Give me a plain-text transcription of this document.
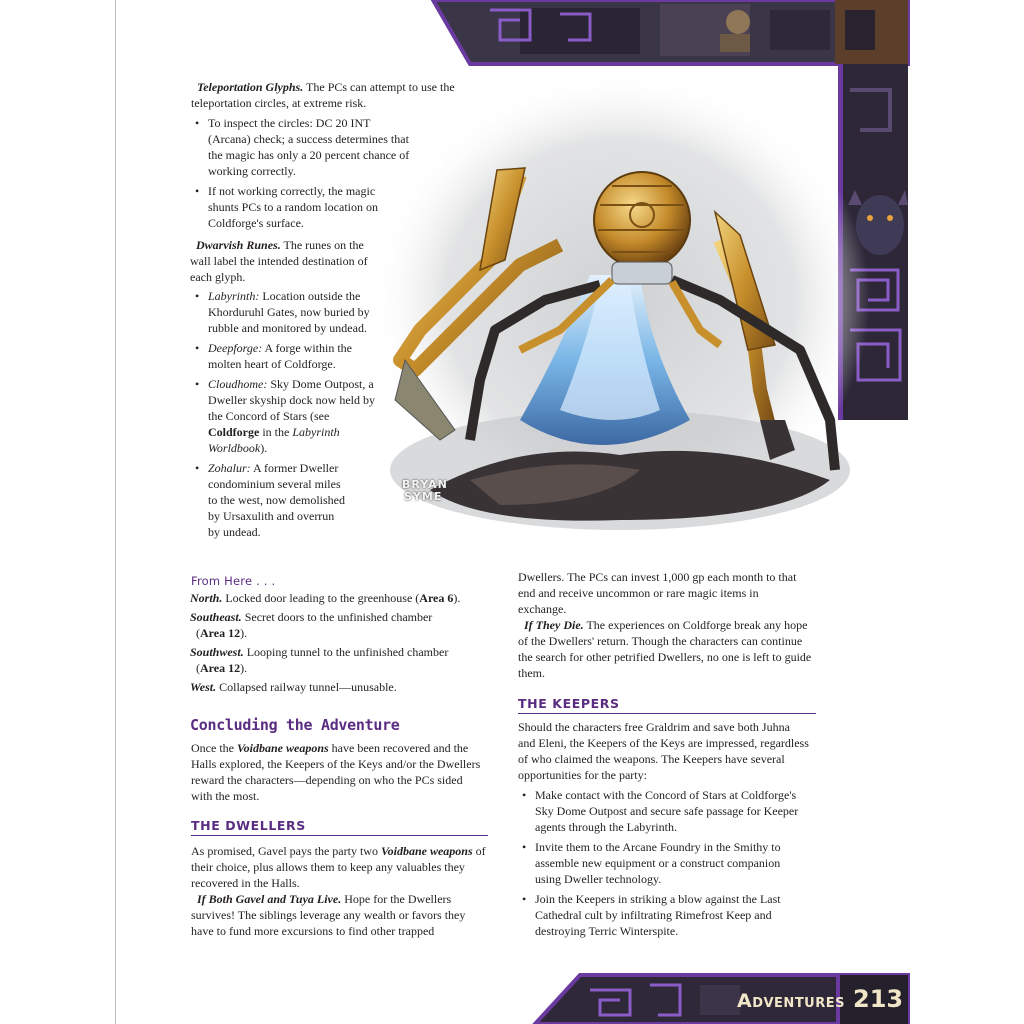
BRYAN
SYME

Teleportation Glyphs. The PCs can attempt to use the teleportation circles, at extreme risk.

• To inspect the circles: DC 20 INT (Arcana) check; a success determines that the magic has only a 20 percent chance of working correctly.
• If not working correctly, the magic shunts PCs to a random location on Coldforge's surface.

Dwarvish Runes. The runes on the wall label the intended destination of each glyph.

• Labyrinth: Location outside the Khorduruhl Gates, now buried by rubble and monitored by undead.
• Deepforge: A forge within the molten heart of Coldforge.
• Cloudhome: Sky Dome Outpost, a Dweller skyship dock now held by the Concord of Stars (see Coldforge in the Labyrinth Worldbook).
• Zohalur: A former Dweller condominium several miles to the west, now demolished by Ursaxulith and overrun by undead.

From Here . . .

North. Locked door leading to the greenhouse (Area 6).
Southeast. Secret doors to the unfinished chamber (Area 12).
Southwest. Looping tunnel to the unfinished chamber (Area 12).
West. Collapsed railway tunnel—unusable.

Concluding the Adventure

Once the Voidbane weapons have been recovered and the Halls explored, the Keepers of the Keys and/or the Dwellers reward the characters—depending on who the PCs sided with the most.

THE DWELLERS

As promised, Gavel pays the party two Voidbane weapons of their choice, plus allows them to keep any valuables they recovered in the Halls.

If Both Gavel and Tuya Live. Hope for the Dwellers survives! The siblings leverage any wealth or favors they have to fund more excursions to find other trapped

Dwellers. The PCs can invest 1,000 gp each month to that end and receive uncommon or rare magic items in exchange.

If They Die. The experiences on Coldforge break any hope of the Dwellers' return. Though the characters can continue the search for other petrified Dwellers, no one is left to guide them.

THE KEEPERS

Should the characters free Graldrim and save both Juhna and Eleni, the Keepers of the Keys are impressed, regardless of who claimed the weapons. The Keepers have several opportunities for the party:

• Make contact with the Concord of Stars at Coldforge's Sky Dome Outpost and secure safe passage for Keeper agents through the Labyrinth.
• Invite them to the Arcane Foundry in the Smithy to assemble new equipment or a construct companion using Dweller technology.
• Join the Keepers in striking a blow against the Last Cathedral cult by infiltrating Rimefrost Keep and destroying Terric Winterspite.
Adventures 213
